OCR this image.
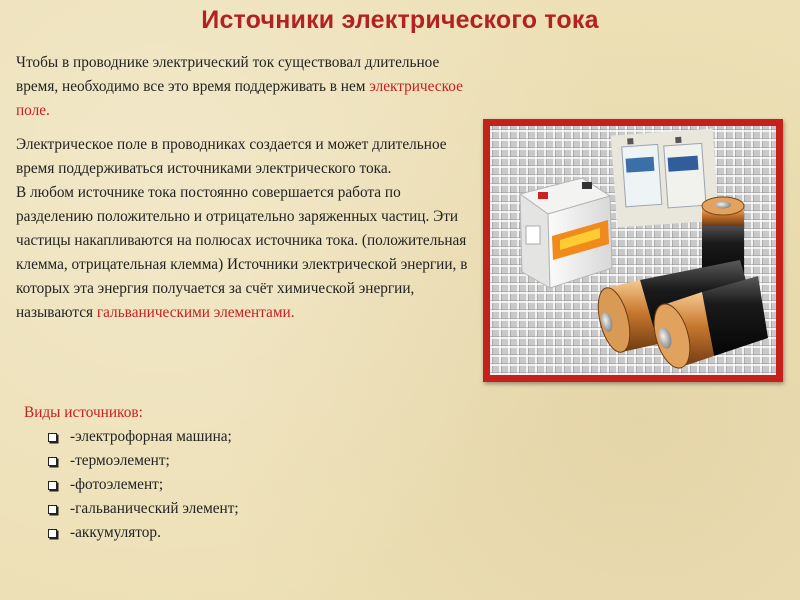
Источники электрического тока

Чтобы в проводнике электрический ток существовал длительное время, необходимо все это время поддерживать в нем электрическое поле.

Электрическое поле в проводниках создается и может длительное время поддерживаться источниками электрического тока.
В любом источнике тока постоянно совершается работа по разделению положительно и отрицательно заряженных частиц. Эти частицы накапливаются на полюсах источника тока. (положительная клемма, отрицательная клемма) Источники электрической энергии, в которых эта энергия получается за счёт химической энергии, называются гальваническими элементами.

Виды источников:
-электрофорная машина;
-термоэлемент;
-фотоэлемент;
-гальванический элемент;
-аккумулятор.
